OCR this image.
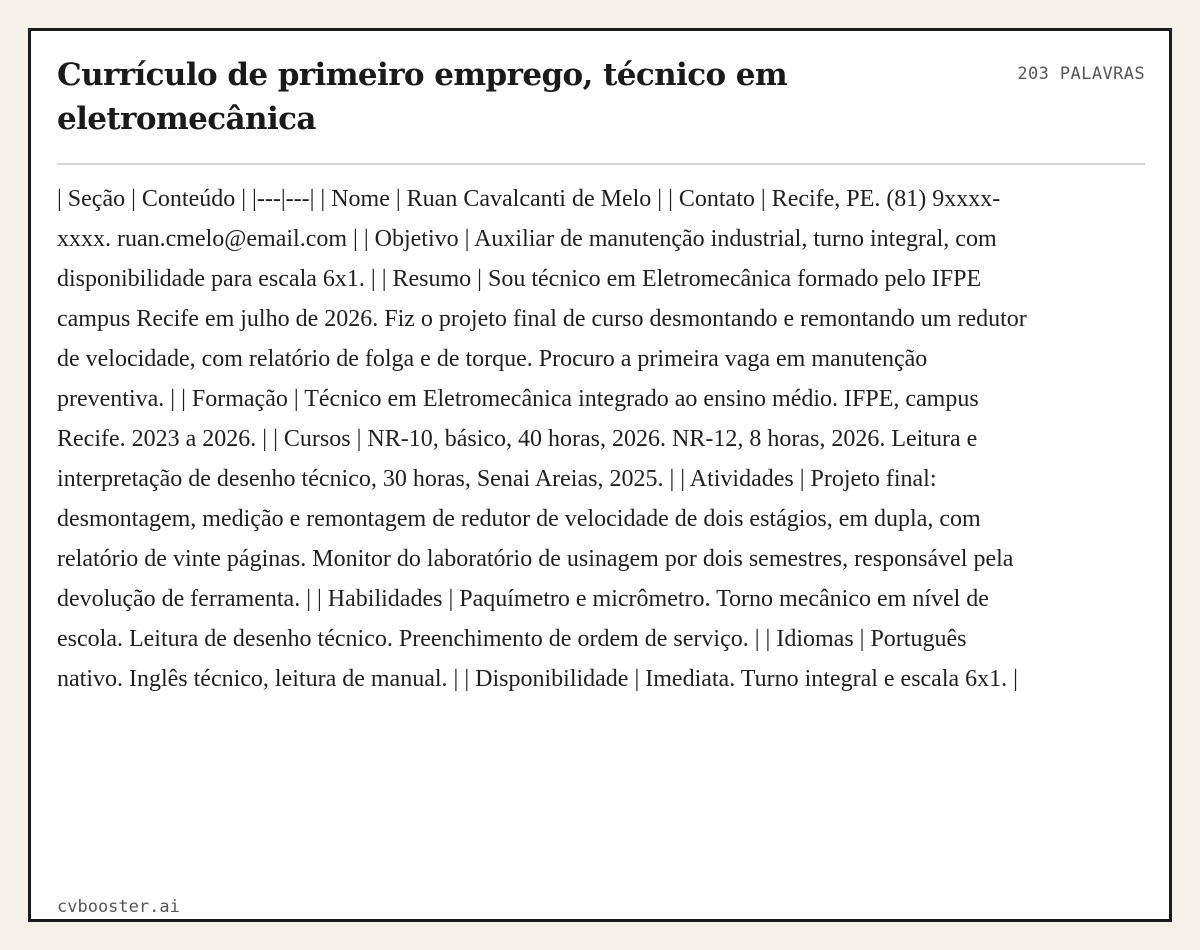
Currículo de primeiro emprego, técnico em eletromecânica
203 PALAVRAS

| Seção | Conteúdo | |---|---| | Nome | Ruan Cavalcanti de Melo | | Contato | Recife, PE. (81) 9xxxx-xxxx. ruan.cmelo@email.com | | Objetivo | Auxiliar de manutenção industrial, turno integral, com disponibilidade para escala 6x1. | | Resumo | Sou técnico em Eletromecânica formado pelo IFPE campus Recife em julho de 2026. Fiz o projeto final de curso desmontando e remontando um redutor de velocidade, com relatório de folga e de torque. Procuro a primeira vaga em manutenção preventiva. | | Formação | Técnico em Eletromecânica integrado ao ensino médio. IFPE, campus Recife. 2023 a 2026. | | Cursos | NR-10, básico, 40 horas, 2026. NR-12, 8 horas, 2026. Leitura e interpretação de desenho técnico, 30 horas, Senai Areias, 2025. | | Atividades | Projeto final: desmontagem, medição e remontagem de redutor de velocidade de dois estágios, em dupla, com relatório de vinte páginas. Monitor do laboratório de usinagem por dois semestres, responsável pela devolução de ferramenta. | | Habilidades | Paquímetro e micrômetro. Torno mecânico em nível de escola. Leitura de desenho técnico. Preenchimento de ordem de serviço. | | Idiomas | Português nativo. Inglês técnico, leitura de manual. | | Disponibilidade | Imediata. Turno integral e escala 6x1. |

cvbooster.ai
